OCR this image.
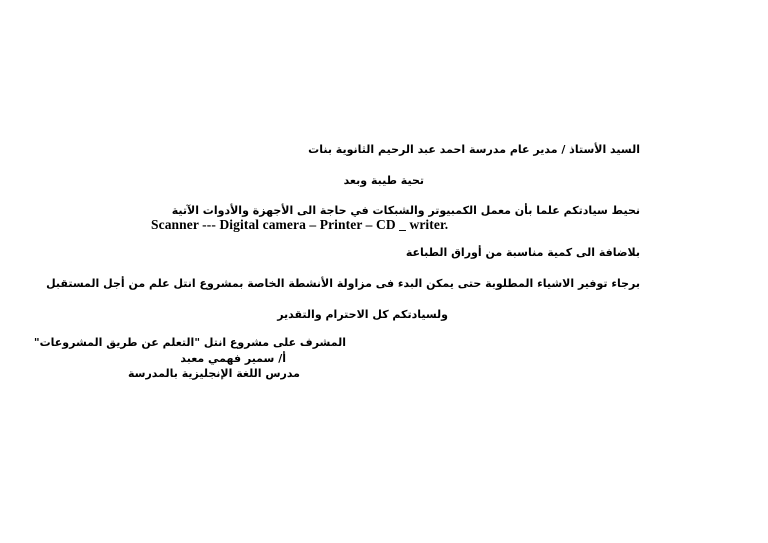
السيد الأستاذ / مدير عام مدرسة احمد عبد الرحيم الثانوية بنات
تحية طيبة وبعد
نحيط سيادتكم علما بأن معمل الكمبيوتر والشبكات في حاجة الى الأجهزة والأدوات الآتية
Scanner --- Digital camera – Printer – CD _ writer.
بلاضافة الى كمية مناسبة من أوراق الطباعة
برجاء توفير الاشياء المطلوبة حتى يمكن البدء فى مزاولة الأنشطة الخاصة بمشروع انتل علم من أجل المستقبل
ولسيادتكم كل الاحترام والتقدير
المشرف على مشروع انتل "التعلم عن طريق المشروعات"
أ/ سمير فهمي معبد
مدرس اللغة الإنجليزية بالمدرسة
